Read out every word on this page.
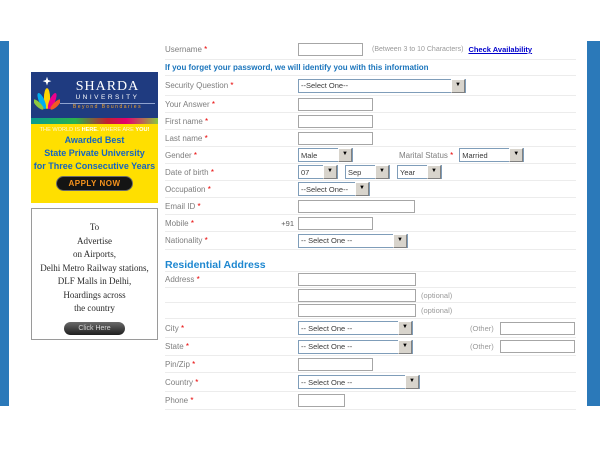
SHARDA
UNIVERSITY
Beyond Boundaries
THE WORLD IS HERE. WHERE ARE YOU!
Awarded Best
State Private University
for Three Consecutive Years
APPLY NOW
To
Advertise
on Airports,
Delhi Metro Railway stations,
DLF Malls in Delhi,
Hoardings across
the country
Click Here
Username *	(Between 3 to 10 Characters) Check Availability
If you forget your password, we will identify you with this information
Security Question *	--Select One--	▼
Your Answer *
First name *
Last name *
Gender *	Male	▼	Marital Status * Married	▼
Date of birth *	07	▼	Sep	▼	Year	▼
Occupation *	--Select One--	▼
Email ID *
Mobile *	+91
Nationality *	-- Select One --	▼
Residential Address
Address *
(optional)
(optional)
City *	-- Select One --	▼	(Other)
State *	-- Select One --	▼	(Other)
Pin/Zip *
Country *	-- Select One --	▼
Phone *
